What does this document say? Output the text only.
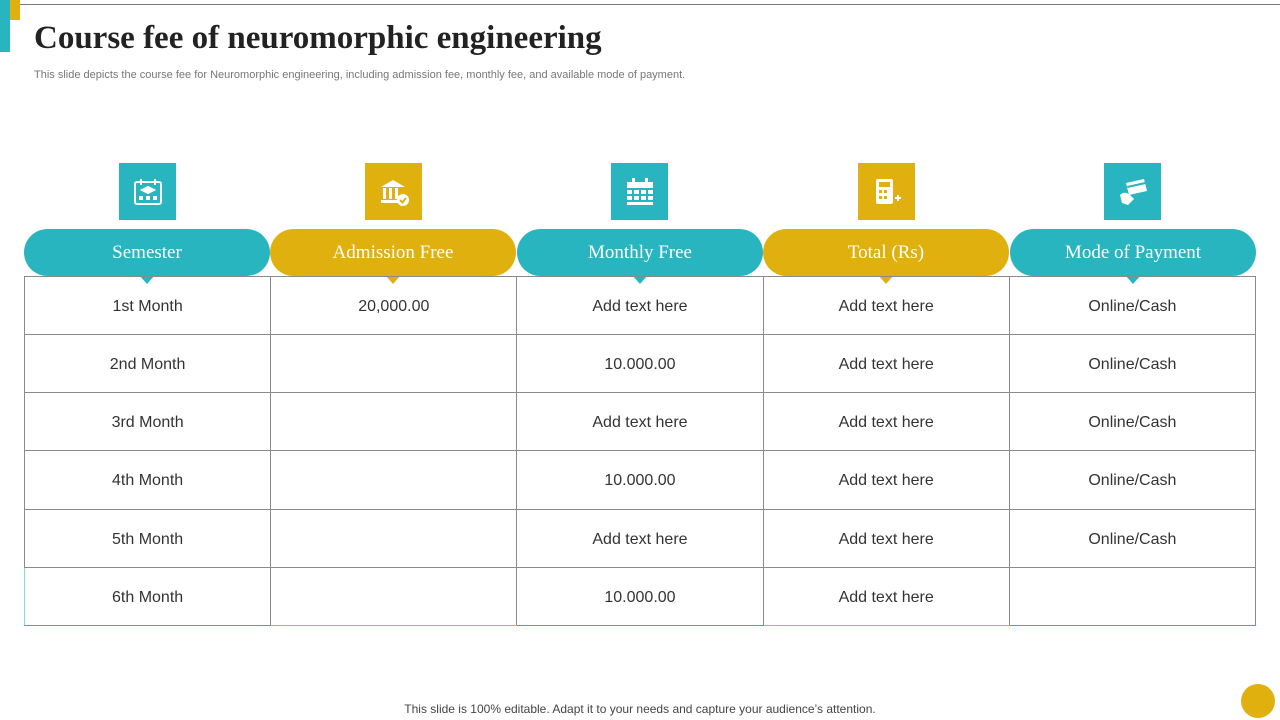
Course fee of neuromorphic engineering

This slide depicts the course fee for Neuromorphic engineering, including admission fee, monthly fee, and available mode of payment.

Semester	Admission Free	Monthly Free	Total (Rs)	Mode of Payment
1st Month	20,000.00	Add text here	Add text here	Online/Cash
2nd Month		10.000.00	Add text here	Online/Cash
3rd Month		Add text here	Add text here	Online/Cash
4th Month		10.000.00	Add text here	Online/Cash
5th Month		Add text here	Add text here	Online/Cash
6th Month		10.000.00	Add text here	
This slide is 100% editable. Adapt it to your needs and capture your audience’s attention.
